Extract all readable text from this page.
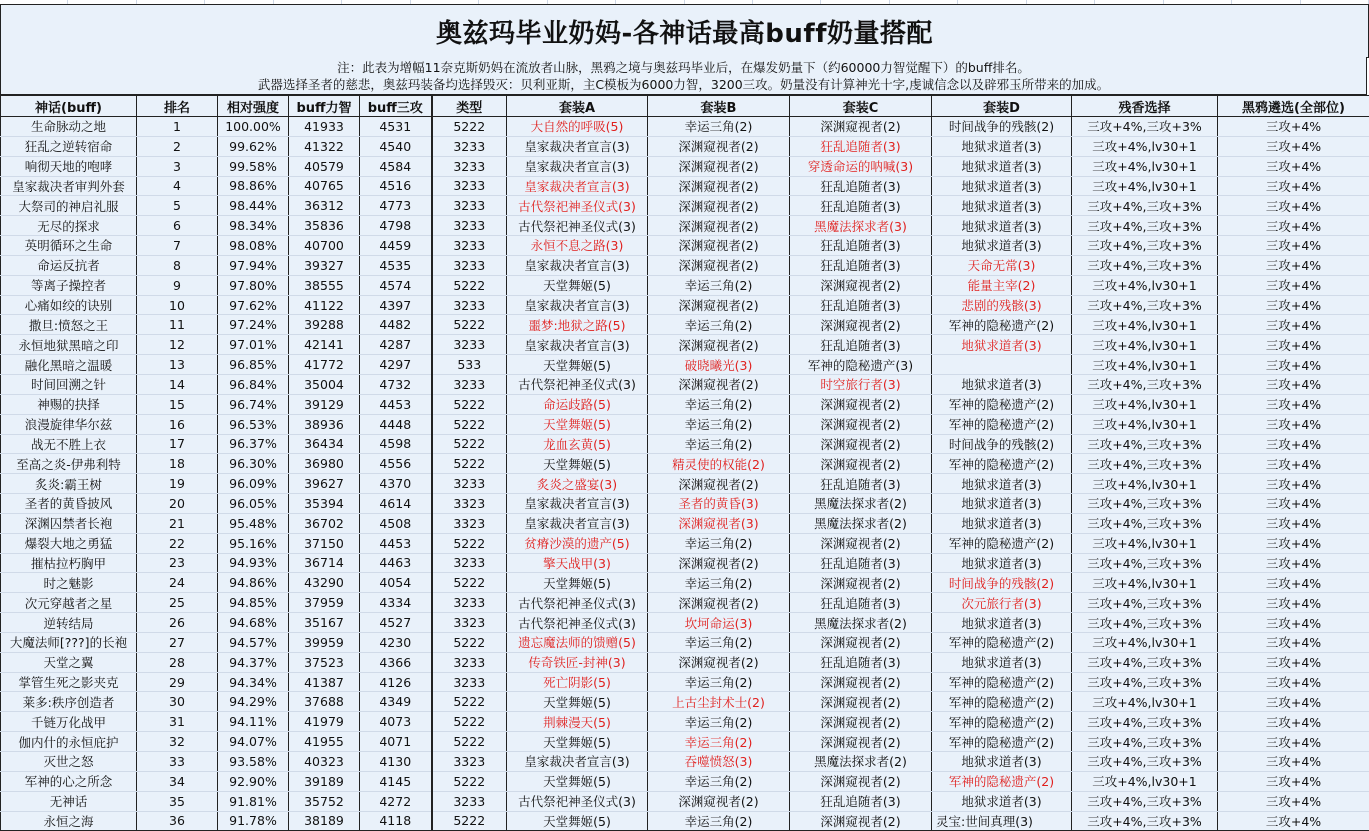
奥兹玛毕业奶妈-各神话最高buff奶量搭配
注：此表为增幅11奈克斯奶妈在流放者山脉，黑鸦之境与奥兹玛毕业后，在爆发奶量下（约60000力智觉醒下）的buff排名。
武器选择圣者的慈悲，奥兹玛装备均选择毁灭：贝利亚斯，主C模板为6000力智，3200三攻。奶量没有计算神光十字,虔诚信念以及辟邪玉所带来的加成。
神话(buff)	排名	相对强度	buff力智	buff三攻	类型	套装A	套装B	套装C	套装D	残香选择	黑鸦遴选(全部位)
生命脉动之地	1	100.00%	41933	4531	5222	大自然的呼吸(5)	幸运三角(2)	深渊窥视者(2)	时间战争的残骸(2)	三攻+4%,三攻+3%	三攻+4%
狂乱之逆转宿命	2	99.62%	41322	4540	3233	皇家裁决者宣言(3)	深渊窥视者(2)	狂乱追随者(3)	地狱求道者(3)	三攻+4%,lv30+1	三攻+4%
响彻天地的咆哮	3	99.58%	40579	4584	3233	皇家裁决者宣言(3)	深渊窥视者(2)	穿透命运的呐喊(3)	地狱求道者(3)	三攻+4%,lv30+1	三攻+4%
皇家裁决者审判外套	4	98.86%	40765	4516	3233	皇家裁决者宣言(3)	深渊窥视者(2)	狂乱追随者(3)	地狱求道者(3)	三攻+4%,lv30+1	三攻+4%
大祭司的神启礼服	5	98.44%	36312	4773	3233	古代祭祀神圣仪式(3)	深渊窥视者(2)	狂乱追随者(3)	地狱求道者(3)	三攻+4%,三攻+3%	三攻+4%
无尽的探求	6	98.34%	35836	4798	3233	古代祭祀神圣仪式(3)	深渊窥视者(2)	黑魔法探求者(3)	地狱求道者(3)	三攻+4%,三攻+3%	三攻+4%
英明循环之生命	7	98.08%	40700	4459	3233	永恒不息之路(3)	深渊窥视者(2)	狂乱追随者(3)	地狱求道者(3)	三攻+4%,三攻+3%	三攻+4%
命运反抗者	8	97.94%	39327	4535	3233	皇家裁决者宣言(3)	深渊窥视者(2)	狂乱追随者(3)	天命无常(3)	三攻+4%,三攻+3%	三攻+4%
等离子操控者	9	97.80%	38555	4574	5222	天堂舞姬(5)	幸运三角(2)	深渊窥视者(2)	能量主宰(2)	三攻+4%,lv30+1	三攻+4%
心痛如绞的诀别	10	97.62%	41122	4397	3233	皇家裁决者宣言(3)	深渊窥视者(2)	狂乱追随者(3)	悲剧的残骸(3)	三攻+4%,三攻+3%	三攻+4%
撒旦:愤怒之王	11	97.24%	39288	4482	5222	噩梦:地狱之路(5)	幸运三角(2)	深渊窥视者(2)	军神的隐秘遗产(2)	三攻+4%,lv30+1	三攻+4%
永恒地狱黑暗之印	12	97.01%	42141	4287	3233	皇家裁决者宣言(3)	深渊窥视者(2)	狂乱追随者(3)	地狱求道者(3)	三攻+4%,lv30+1	三攻+4%
融化黑暗之温暖	13	96.85%	41772	4297	533	天堂舞姬(5)	破晓曦光(3)	军神的隐秘遗产(3)		三攻+4%,lv30+1	三攻+4%
时间回溯之针	14	96.84%	35004	4732	3233	古代祭祀神圣仪式(3)	深渊窥视者(2)	时空旅行者(3)	地狱求道者(3)	三攻+4%,三攻+3%	三攻+4%
神赐的抉择	15	96.74%	39129	4453	5222	命运歧路(5)	幸运三角(2)	深渊窥视者(2)	军神的隐秘遗产(2)	三攻+4%,lv30+1	三攻+4%
浪漫旋律华尔兹	16	96.53%	38936	4448	5222	天堂舞姬(5)	幸运三角(2)	深渊窥视者(2)	军神的隐秘遗产(2)	三攻+4%,lv30+1	三攻+4%
战无不胜上衣	17	96.37%	36434	4598	5222	龙血玄黄(5)	幸运三角(2)	深渊窥视者(2)	时间战争的残骸(2)	三攻+4%,三攻+3%	三攻+4%
至高之炎-伊弗利特	18	96.30%	36980	4556	5222	天堂舞姬(5)	精灵使的权能(2)	深渊窥视者(2)	军神的隐秘遗产(2)	三攻+4%,三攻+3%	三攻+4%
炙炎:霸王树	19	96.09%	39627	4370	3233	炙炎之盛宴(3)	深渊窥视者(2)	狂乱追随者(3)	地狱求道者(3)	三攻+4%,lv30+1	三攻+4%
圣者的黄昏披风	20	96.05%	35394	4614	3323	皇家裁决者宣言(3)	圣者的黄昏(3)	黑魔法探求者(2)	地狱求道者(3)	三攻+4%,三攻+3%	三攻+4%
深渊囚禁者长袍	21	95.48%	36702	4508	3323	皇家裁决者宣言(3)	深渊窥视者(3)	黑魔法探求者(2)	地狱求道者(3)	三攻+4%,三攻+3%	三攻+4%
爆裂大地之勇猛	22	95.16%	37150	4453	5222	贫瘠沙漠的遗产(5)	幸运三角(2)	深渊窥视者(2)	军神的隐秘遗产(2)	三攻+4%,lv30+1	三攻+4%
摧枯拉朽胸甲	23	94.93%	36714	4463	3233	擎天战甲(3)	深渊窥视者(2)	狂乱追随者(3)	地狱求道者(3)	三攻+4%,三攻+3%	三攻+4%
时之魅影	24	94.86%	43290	4054	5222	天堂舞姬(5)	幸运三角(2)	深渊窥视者(2)	时间战争的残骸(2)	三攻+4%,lv30+1	三攻+4%
次元穿越者之星	25	94.85%	37959	4334	3233	古代祭祀神圣仪式(3)	深渊窥视者(2)	狂乱追随者(3)	次元旅行者(3)	三攻+4%,三攻+3%	三攻+4%
逆转结局	26	94.68%	35167	4527	3323	古代祭祀神圣仪式(3)	坎坷命运(3)	黑魔法探求者(2)	地狱求道者(3)	三攻+4%,三攻+3%	三攻+4%
大魔法师[???]的长袍	27	94.57%	39959	4230	5222	遗忘魔法师的馈赠(5)	幸运三角(2)	深渊窥视者(2)	军神的隐秘遗产(2)	三攻+4%,lv30+1	三攻+4%
天堂之翼	28	94.37%	37523	4366	3233	传奇铁匠-封神(3)	深渊窥视者(2)	狂乱追随者(3)	地狱求道者(3)	三攻+4%,三攻+3%	三攻+4%
掌管生死之影夹克	29	94.34%	41387	4126	3233	死亡阴影(5)	幸运三角(2)	深渊窥视者(2)	军神的隐秘遗产(2)	三攻+4%,三攻+3%	三攻+4%
莱多:秩序创造者	30	94.29%	37688	4349	5222	天堂舞姬(5)	上古尘封术士(2)	深渊窥视者(2)	军神的隐秘遗产(2)	三攻+4%,lv30+1	三攻+4%
千链万化战甲	31	94.11%	41979	4073	5222	荆棘漫天(5)	幸运三角(2)	深渊窥视者(2)	军神的隐秘遗产(2)	三攻+4%,三攻+3%	三攻+4%
伽内什的永恒庇护	32	94.07%	41955	4071	5222	天堂舞姬(5)	幸运三角(2)	深渊窥视者(2)	军神的隐秘遗产(2)	三攻+4%,三攻+3%	三攻+4%
灭世之怒	33	93.58%	40323	4130	3323	皇家裁决者宣言(3)	吞噬愤怒(3)	黑魔法探求者(2)	地狱求道者(3)	三攻+4%,三攻+3%	三攻+4%
军神的心之所念	34	92.90%	39189	4145	5222	天堂舞姬(5)	幸运三角(2)	深渊窥视者(2)	军神的隐秘遗产(2)	三攻+4%,lv30+1	三攻+4%
无神话	35	91.81%	35752	4272	3233	古代祭祀神圣仪式(3)	深渊窥视者(2)	狂乱追随者(3)	地狱求道者(3)	三攻+4%,三攻+3%	三攻+4%
永恒之海	36	91.78%	38189	4118	5222	天堂舞姬(5)	幸运三角(2)	深渊窥视者(2)	灵宝:世间真理(3)	三攻+4%,三攻+3%	三攻+4%
